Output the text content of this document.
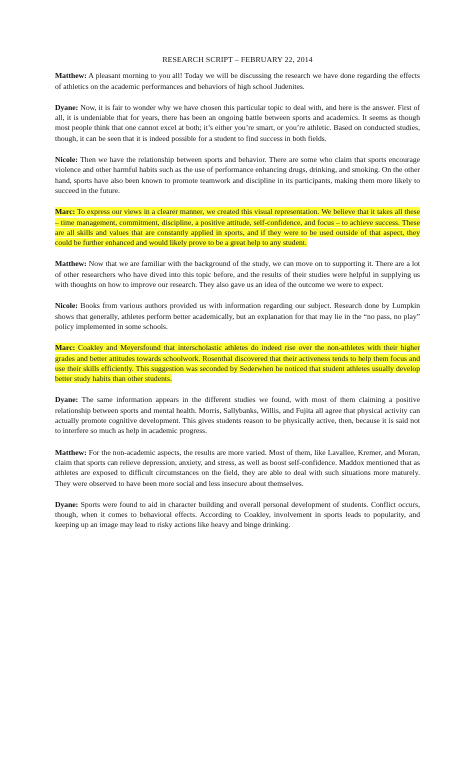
RESEARCH SCRIPT – FEBRUARY 22, 2014

Matthew: A pleasant morning to you all! Today we will be discussing the research we have done regarding the effects of athletics on the academic performances and behaviors of high school Judenites.

Dyane: Now, it is fair to wonder why we have chosen this particular topic to deal with, and here is the answer. First of all, it is undeniable that for years, there has been an ongoing battle between sports and academics. It seems as though most people think that one cannot excel at both; it’s either you’re smart, or you’re athletic. Based on conducted studies, though, it can be seen that it is indeed possible for a student to find success in both fields.

Nicole: Then we have the relationship between sports and behavior. There are some who claim that sports encourage violence and other harmful habits such as the use of performance enhancing drugs, drinking, and smoking. On the other hand, sports have also been known to promote teamwork and discipline in its participants, making them more likely to succeed in the future.

Marc: To express our views in a clearer manner, we created this visual representation. We believe that it takes all these – time management, commitment, discipline, a positive attitude, self-confidence, and focus – to achieve success. These are all skills and values that are constantly applied in sports, and if they were to be used outside of that aspect, they could be further enhanced and would likely prove to be a great help to any student.

Matthew: Now that we are familiar with the background of the study, we can move on to supporting it. There are a lot of other researchers who have dived into this topic before, and the results of their studies were helpful in supplying us with thoughts on how to improve our research. They also gave us an idea of the outcome we were to expect.

Nicole: Books from various authors provided us with information regarding our subject. Research done by Lumpkin shows that generally, athletes perform better academically, but an explanation for that may lie in the “no pass, no play” policy implemented in some schools.

Marc: Coakley and Meyersfound that interscholastic athletes do indeed rise over the non-athletes with their higher grades and better attitudes towards schoolwork. Rosenthal discovered that their activeness tends to help them focus and use their skills efficiently. This suggestion was seconded by Sederwhen he noticed that student athletes usually develop better study habits than other students.

Dyane: The same information appears in the different studies we found, with most of them claiming a positive relationship between sports and mental health. Morris, Sallybanks, Willis, and Fujita all agree that physical activity can actually promote cognitive development. This gives students reason to be physically active, then, because it is said not to interfere so much as help in academic progress.

Matthew: For the non-academic aspects, the results are more varied. Most of them, like Lavallee, Kremer, and Moran, claim that sports can relieve depression, anxiety, and stress, as well as boost self-confidence. Maddox mentioned that as athletes are exposed to difficult circumstances on the field, they are able to deal with such situations more maturely. They were observed to have been more social and less insecure about themselves.

Dyane: Sports were found to aid in character building and overall personal development of students. Conflict occurs, though, when it comes to behavioral effects. According to Coakley, involvement in sports leads to popularity, and keeping up an image may lead to risky actions like heavy and binge drinking.
